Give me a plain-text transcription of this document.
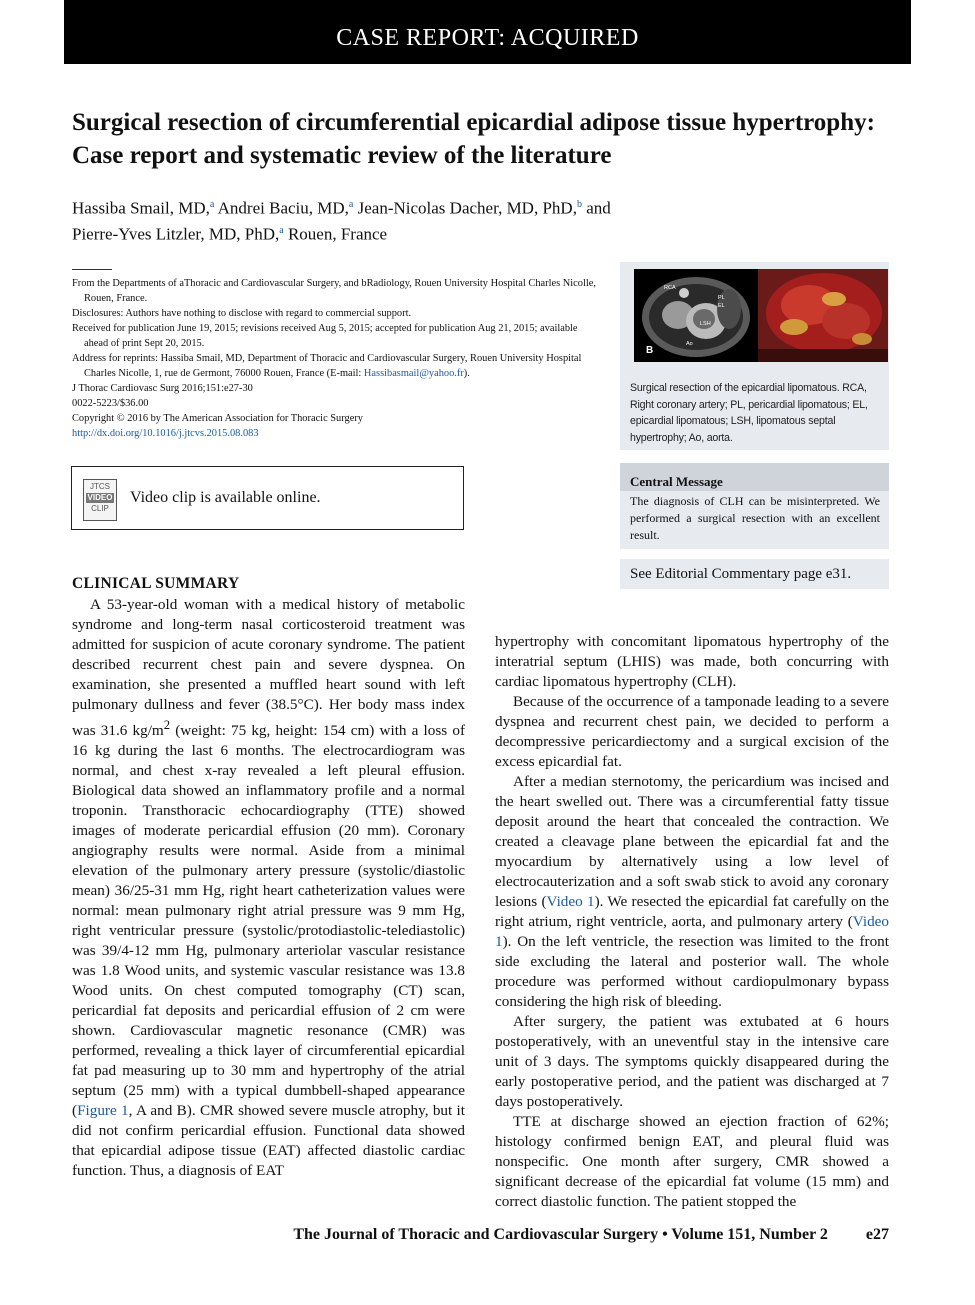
CASE REPORT: ACQUIRED
Surgical resection of circumferential epicardial adipose tissue hypertrophy: Case report and systematic review of the literature
Hassiba Smail, MD,$^a$ Andrei Baciu, MD,$^a$ Jean-Nicolas Dacher, MD, PhD,$^b$ and
Pierre-Yves Litzler, MD, PhD,$^a$ Rouen, France

From the Departments of aThoracic and Cardiovascular Surgery, and bRadiology, Rouen University Hospital Charles Nicolle, Rouen, France.

Disclosures: Authors have nothing to disclose with regard to commercial support.

Received for publication June 19, 2015; revisions received Aug 5, 2015; accepted for publication Aug 21, 2015; available ahead of print Sept 20, 2015.

Address for reprints: Hassiba Smail, MD, Department of Thoracic and Cardiovascular Surgery, Rouen University Hospital Charles Nicolle, 1, rue de Germont, 76000 Rouen, France (E-mail: Hassibasmail@yahoo.fr).

J Thorac Cardiovasc Surg 2016;151:e27-30

0022-5223/$36.00

Copyright © 2016 by The American Association for Thoracic Surgery

http://dx.doi.org/10.1016/j.jtcvs.2015.08.083

JTCS
VIDEO
CLIP
Video clip is available online.
B
RCA
PL
EL
LSH
Ao
Surgical resection of the epicardial lipomatous. RCA, Right coronary artery; PL, pericardial lipomatous; EL, epicardial lipomatous; LSH, lipomatous septal hypertrophy; Ao, aorta.
Central Message
The diagnosis of CLH can be misinterpreted. We performed a surgical resection with an excellent result.
See Editorial Commentary page e31.
CLINICAL SUMMARY

A 53-year-old woman with a medical history of metabolic syndrome and long-term nasal corticosteroid treatment was admitted for suspicion of acute coronary syndrome. The patient described recurrent chest pain and severe dyspnea. On examination, she presented a muffled heart sound with left pulmonary dullness and fever (38.5°C). Her body mass index was 31.6 $kg/m^2$ (weight: 75 kg, height: 154 cm) with a loss of 16 kg during the last 6 months. The electrocardiogram was normal, and chest x-ray revealed a left pleural effusion. Biological data showed an inflammatory profile and a normal troponin. Transthoracic echocardiography (TTE) showed images of moderate pericardial effusion (20 mm). Coronary angiography results were normal. Aside from a minimal elevation of the pulmonary artery pressure (systolic/diastolic mean) 36/25-31 mm Hg, right heart catheterization values were normal: mean pulmonary right atrial pressure was 9 mm Hg, right ventricular pressure (systolic/protodiastolic-telediastolic) was 39/4-12 mm Hg, pulmonary arteriolar vascular resistance was 1.8 Wood units, and systemic vascular resistance was 13.8 Wood units. On chest computed tomography (CT) scan, pericardial fat deposits and pericardial effusion of 2 cm were shown. Cardiovascular magnetic resonance (CMR) was performed, revealing a thick layer of circumferential epicardial fat pad measuring up to 30 mm and hypertrophy of the atrial septum (25 mm) with a typical dumbbell-shaped appearance (Figure 1, A and B). CMR showed severe muscle atrophy, but it did not confirm pericardial effusion. Functional data showed that epicardial adipose tissue (EAT) affected diastolic cardiac function. Thus, a diagnosis of EAT

hypertrophy with concomitant lipomatous hypertrophy of the interatrial septum (LHIS) was made, both concurring with cardiac lipomatous hypertrophy (CLH).

Because of the occurrence of a tamponade leading to a severe dyspnea and recurrent chest pain, we decided to perform a decompressive pericardiectomy and a surgical excision of the excess epicardial fat.

After a median sternotomy, the pericardium was incised and the heart swelled out. There was a circumferential fatty tissue deposit around the heart that concealed the contraction. We created a cleavage plane between the epicardial fat and the myocardium by alternatively using a low level of electrocauterization and a soft swab stick to avoid any coronary lesions (Video 1). We resected the epicardial fat carefully on the right atrium, right ventricle, aorta, and pulmonary artery (Video 1). On the left ventricle, the resection was limited to the front side excluding the lateral and posterior wall. The whole procedure was performed without cardiopulmonary bypass considering the high risk of bleeding.

After surgery, the patient was extubated at 6 hours postoperatively, with an uneventful stay in the intensive care unit of 3 days. The symptoms quickly disappeared during the early postoperative period, and the patient was discharged at 7 days postoperatively.

TTE at discharge showed an ejection fraction of 62%; histology confirmed benign EAT, and pleural fluid was nonspecific. One month after surgery, CMR showed a significant decrease of the epicardial fat volume (15 mm) and correct diastolic function. The patient stopped the

The Journal of Thoracic and Cardiovascular Surgery • Volume 151, Number 2 e27
